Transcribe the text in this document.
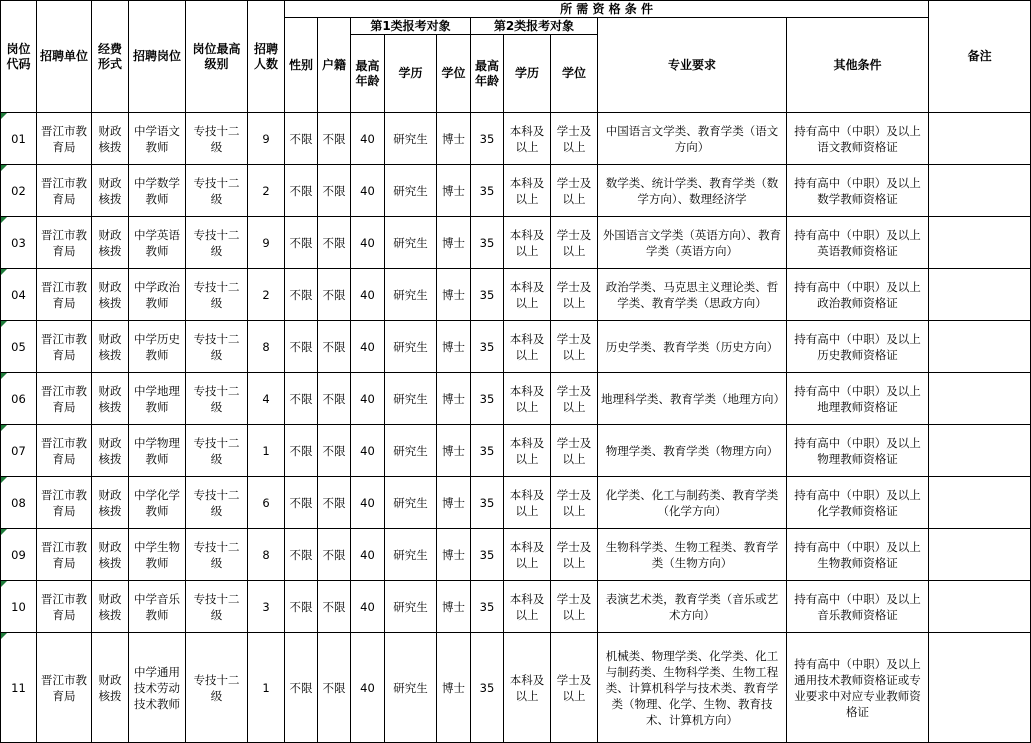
岗位代码	招聘单位	经费形式	招聘岗位	岗位最高级别	招聘人数	所 需 资 格 条 件										备注
						性别	户籍	第1类报考对象			第2类报考对象			专业要求	其他条件	
								最高年龄	学历	学位	最高年龄	学历	学位			
01	晋江市教育局	财政核拨	中学语文教师	专技十二级	9	不限	不限	40	研究生	博士	35	本科及以上	学士及以上	中国语言文学类、教育学类（语文方向）	持有高中（中职）及以上语文教师资格证	
02	晋江市教育局	财政核拨	中学数学教师	专技十二级	2	不限	不限	40	研究生	博士	35	本科及以上	学士及以上	数学类、统计学类、教育学类（数学方向）、数理经济学	持有高中（中职）及以上数学教师资格证	
03	晋江市教育局	财政核拨	中学英语教师	专技十二级	9	不限	不限	40	研究生	博士	35	本科及以上	学士及以上	外国语言文学类（英语方向）、教育学类（英语方向）	持有高中（中职）及以上英语教师资格证	
04	晋江市教育局	财政核拨	中学政治教师	专技十二级	2	不限	不限	40	研究生	博士	35	本科及以上	学士及以上	政治学类、马克思主义理论类、哲学类、教育学类（思政方向）	持有高中（中职）及以上政治教师资格证	
05	晋江市教育局	财政核拨	中学历史教师	专技十二级	8	不限	不限	40	研究生	博士	35	本科及以上	学士及以上	历史学类、教育学类（历史方向）	持有高中（中职）及以上历史教师资格证	
06	晋江市教育局	财政核拨	中学地理教师	专技十二级	4	不限	不限	40	研究生	博士	35	本科及以上	学士及以上	地理科学类、教育学类（地理方向）	持有高中（中职）及以上地理教师资格证	
07	晋江市教育局	财政核拨	中学物理教师	专技十二级	1	不限	不限	40	研究生	博士	35	本科及以上	学士及以上	物理学类、教育学类（物理方向）	持有高中（中职）及以上物理教师资格证	
08	晋江市教育局	财政核拨	中学化学教师	专技十二级	6	不限	不限	40	研究生	博士	35	本科及以上	学士及以上	化学类、化工与制药类、教育学类（化学方向）	持有高中（中职）及以上化学教师资格证	
09	晋江市教育局	财政核拨	中学生物教师	专技十二级	8	不限	不限	40	研究生	博士	35	本科及以上	学士及以上	生物科学类、生物工程类、教育学类（生物方向）	持有高中（中职）及以上生物教师资格证	
10	晋江市教育局	财政核拨	中学音乐教师	专技十二级	3	不限	不限	40	研究生	博士	35	本科及以上	学士及以上	表演艺术类，教育学类（音乐或艺术方向）	持有高中（中职）及以上音乐教师资格证	
11	晋江市教育局	财政核拨	中学通用技术劳动技术教师	专技十二级	1	不限	不限	40	研究生	博士	35	本科及以上	学士及以上	机械类、物理学类、化学类、化工与制药类、生物科学类、生物工程类、计算机科学与技术类、教育学类（物理、化学、生物、教育技术、计算机方向）	持有高中（中职）及以上通用技术教师资格证或专业要求中对应专业教师资格证	
